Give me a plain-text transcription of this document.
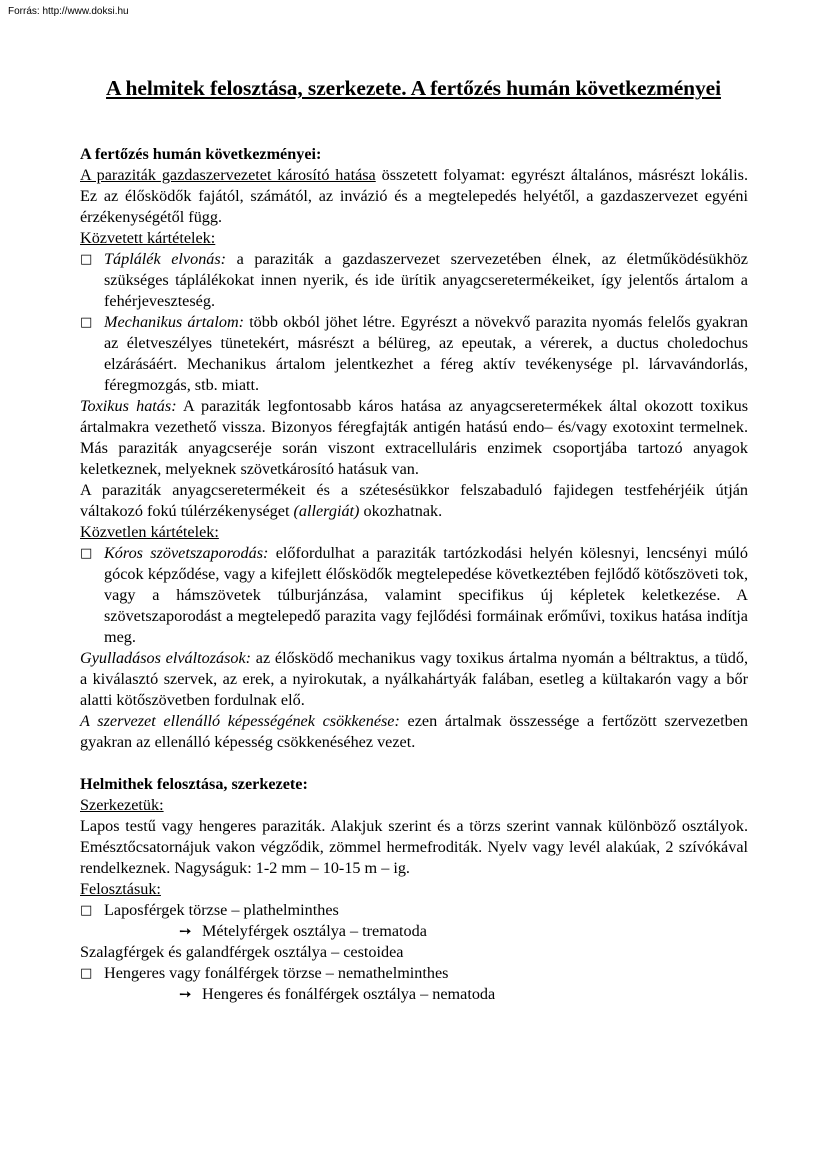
Forrás: http://www.doksi.hu
A helmitek felosztása, szerkezete. A fertőzés humán következményei
A fertőzés humán következményei:

A paraziták gazdaszervezetet károsító hatása összetett folyamat: egyrészt általános, másrészt lokális. Ez az élősködők fajától, számától, az invázió és a megtelepedés helyétől, a gazdaszervezet egyéni érzékenységétől függ.

Közvetett kártételek:

□ Táplálék elvonás: a paraziták a gazdaszervezet szervezetében élnek, az életműködésükhöz szükséges táplálékokat innen nyerik, és ide ürítik anyagcseretermékeiket, így jelentős ártalom a fehérjeveszteség.
□ Mechanikus ártalom: több okból jöhet létre. Egyrészt a növekvő parazita nyomás felelős gyakran az életveszélyes tünetekért, másrészt a bélüreg, az epeutak, a vérerek, a ductus choledochus elzárásáért. Mechanikus ártalom jelentkezhet a féreg aktív tevékenysége pl. lárvavándorlás, féregmozgás, stb. miatt.

Toxikus hatás: A paraziták legfontosabb káros hatása az anyagcseretermékek által okozott toxikus ártalmakra vezethető vissza. Bizonyos féregfajták antigén hatású endo– és/vagy exotoxint termelnek. Más paraziták anyagcseréje során viszont extracelluláris enzimek csoportjába tartozó anyagok keletkeznek, melyeknek szövetkárosító hatásuk van.

A paraziták anyagcseretermékeit és a szétesésükkor felszabaduló fajidegen testfehérjéik útján váltakozó fokú túlérzékenységet (allergiát) okozhatnak.

Közvetlen kártételek:

□ Kóros szövetszaporodás: előfordulhat a paraziták tartózkodási helyén kölesnyi, lencsényi múló gócok képződése, vagy a kifejlett élősködők megtelepedése következtében fejlődő kötőszöveti tok, vagy a hámszövetek túlburjánzása, valamint specifikus új képletek keletkezése. A szövetszaporodást a megtelepedő parazita vagy fejlődési formáinak erőművi, toxikus hatása indítja meg.

Gyulladásos elváltozások: az élősködő mechanikus vagy toxikus ártalma nyomán a béltraktus, a tüdő, a kiválasztó szervek, az erek, a nyirokutak, a nyálkahártyák falában, esetleg a kültakarón vagy a bőr alatti kötőszövetben fordulnak elő.

A szervezet ellenálló képességének csökkenése: ezen ártalmak összessége a fertőzött szervezetben gyakran az ellenálló képesség csökkenéséhez vezet.

Helmithek felosztása, szerkezete:

Szerkezetük:

Lapos testű vagy hengeres paraziták. Alakjuk szerint és a törzs szerint vannak különböző osztályok. Emésztőcsatornájuk vakon végződik, zömmel hermefroditák. Nyelv vagy levél alakúak, 2 szívókával rendelkeznek. Nagyságuk: 1-2 mm – 10-15 m – ig.

Felosztásuk:

□ Laposférgek törzse – plathelminthes
➙ Mételyférgek osztálya – trematoda

Szalagférgek és galandférgek osztálya – cestoidea

□ Hengeres vagy fonálférgek törzse – nemathelminthes
➙ Hengeres és fonálférgek osztálya – nematoda
